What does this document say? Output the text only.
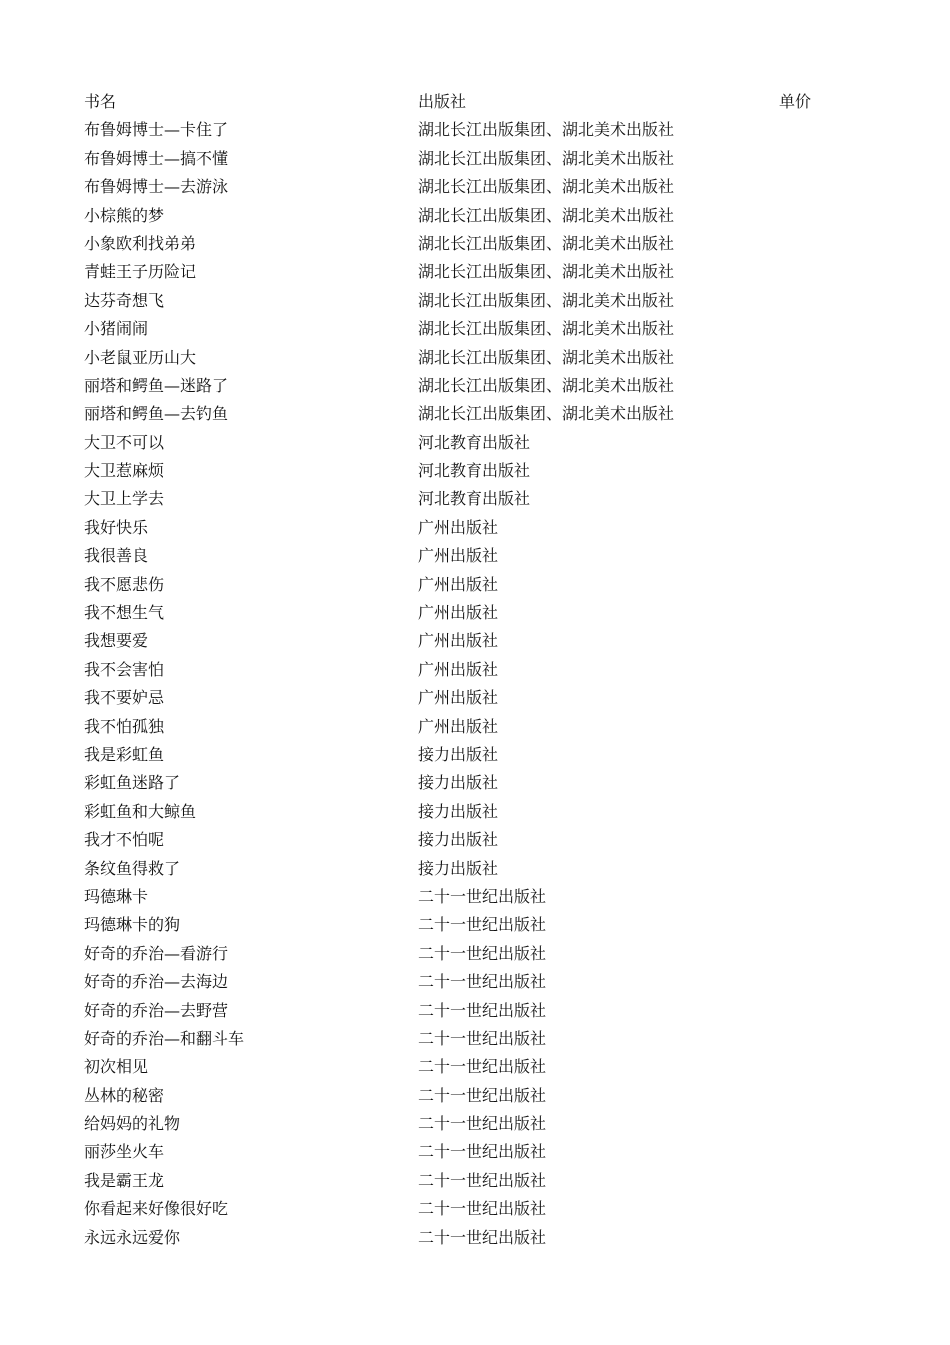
书名	出版社	单价
布鲁姆博士—卡住了	湖北长江出版集团、湖北美术出版社
布鲁姆博士—搞不懂	湖北长江出版集团、湖北美术出版社
布鲁姆博士—去游泳	湖北长江出版集团、湖北美术出版社
小棕熊的梦	湖北长江出版集团、湖北美术出版社
小象欧利找弟弟	湖北长江出版集团、湖北美术出版社
青蛙王子历险记	湖北长江出版集团、湖北美术出版社
达芬奇想飞	湖北长江出版集团、湖北美术出版社
小猪闹闹	湖北长江出版集团、湖北美术出版社
小老鼠亚历山大	湖北长江出版集团、湖北美术出版社
丽塔和鳄鱼—迷路了	湖北长江出版集团、湖北美术出版社
丽塔和鳄鱼—去钓鱼	湖北长江出版集团、湖北美术出版社
大卫不可以	河北教育出版社
大卫惹麻烦	河北教育出版社
大卫上学去	河北教育出版社
我好快乐	广州出版社
我很善良	广州出版社
我不愿悲伤	广州出版社
我不想生气	广州出版社
我想要爱	广州出版社
我不会害怕	广州出版社
我不要妒忌	广州出版社
我不怕孤独	广州出版社
我是彩虹鱼	接力出版社
彩虹鱼迷路了	接力出版社
彩虹鱼和大鲸鱼	接力出版社
我才不怕呢	接力出版社
条纹鱼得救了	接力出版社
玛德琳卡	二十一世纪出版社
玛德琳卡的狗	二十一世纪出版社
好奇的乔治—看游行	二十一世纪出版社
好奇的乔治—去海边	二十一世纪出版社
好奇的乔治—去野营	二十一世纪出版社
好奇的乔治—和翻斗车	二十一世纪出版社
初次相见	二十一世纪出版社
丛林的秘密	二十一世纪出版社
给妈妈的礼物	二十一世纪出版社
丽莎坐火车	二十一世纪出版社
我是霸王龙	二十一世纪出版社
你看起来好像很好吃	二十一世纪出版社
永远永远爱你	二十一世纪出版社
